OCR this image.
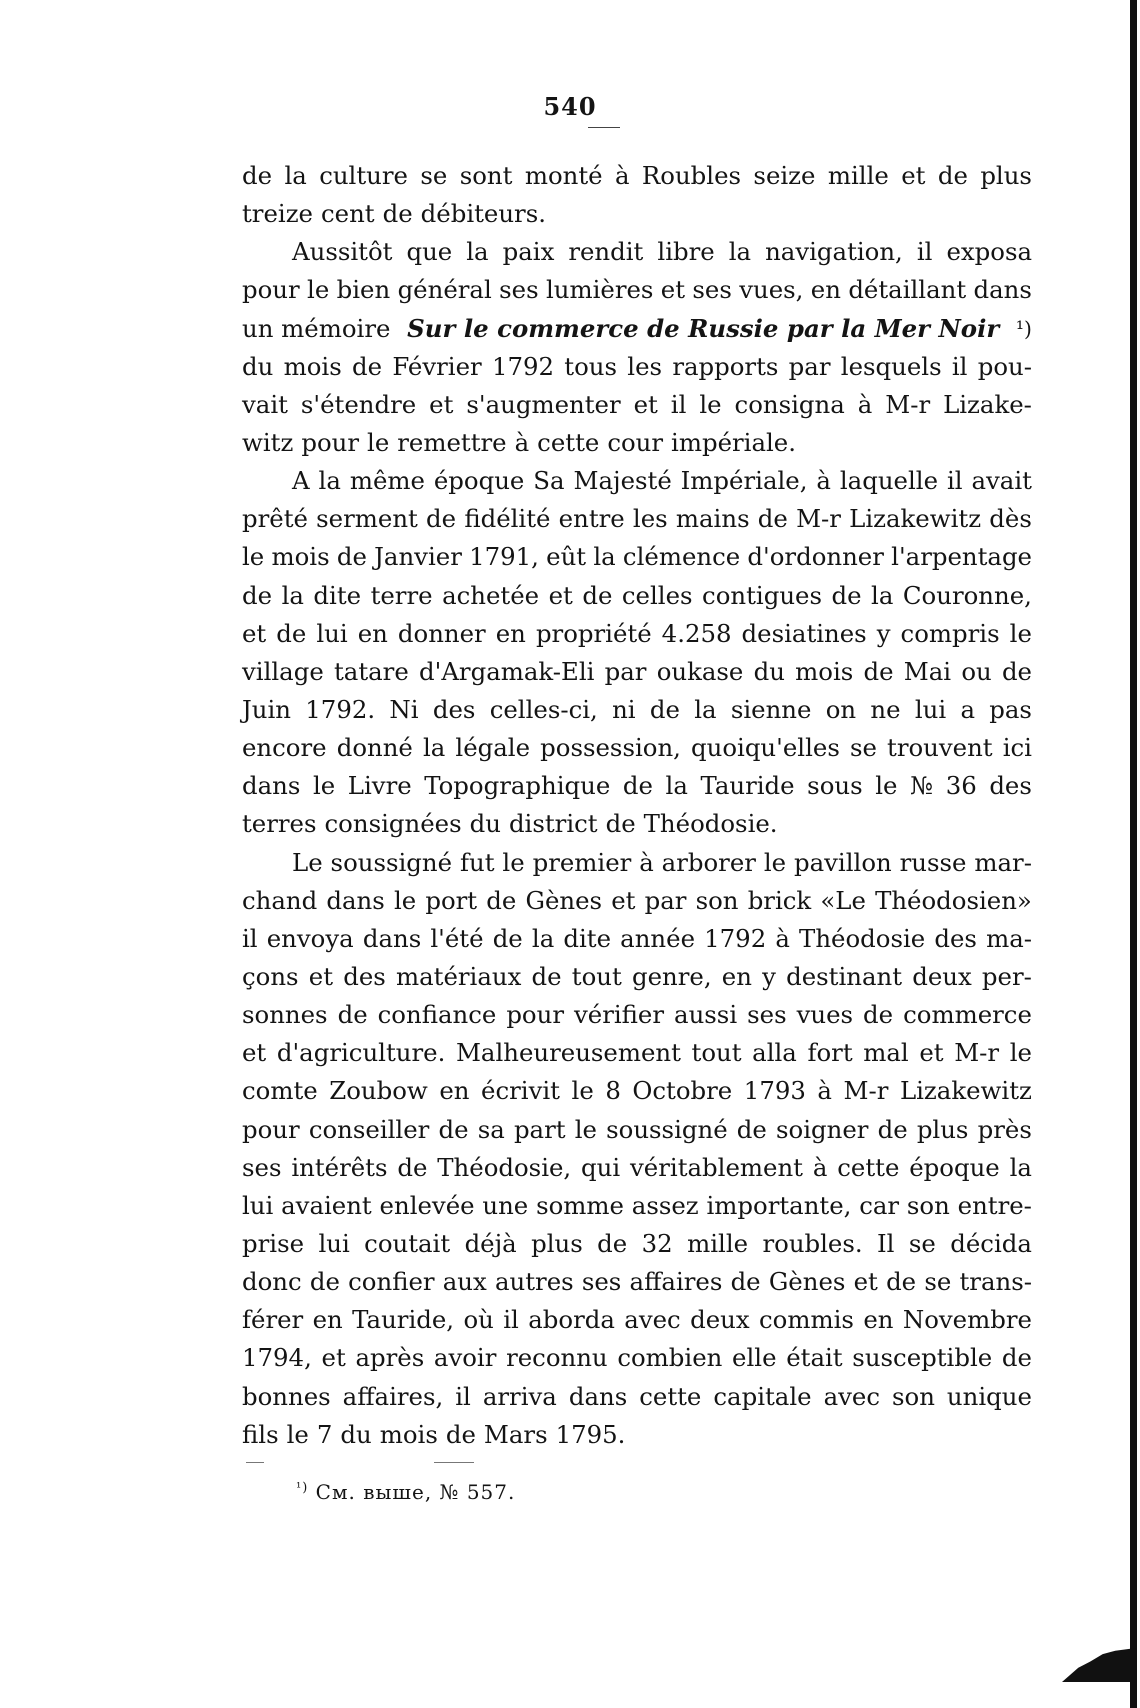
540
de la culture se sont monté à Roubles seize mille et de plus
treize cent de débiteurs.
Aussitôt que la paix rendit libre la navigation, il exposa
pour le bien général ses lumières et ses vues, en détaillant dans
un mémoire Sur le commerce de Russie par la Mer Noir ¹)
du mois de Février 1792 tous les rapports par lesquels il pou-
vait s'étendre et s'augmenter et il le consigna à M-r Lizake-
witz pour le remettre à cette cour impériale.
A la même époque Sa Majesté Impériale, à laquelle il avait
prêté serment de fidélité entre les mains de M-r Lizakewitz dès
le mois de Janvier 1791, eût la clémence d'ordonner l'arpentage
de la dite terre achetée et de celles contigues de la Couronne,
et de lui en donner en propriété 4.258 desiatines y compris le
village tatare d'Argamak-Eli par oukase du mois de Mai ou de
Juin 1792. Ni des celles-ci, ni de la sienne on ne lui a pas
encore donné la légale possession, quoiqu'elles se trouvent ici
dans le Livre Topographique de la Tauride sous le № 36 des
terres consignées du district de Théodosie.
Le soussigné fut le premier à arborer le pavillon russe mar-
chand dans le port de Gènes et par son brick «Le Théodosien»
il envoya dans l'été de la dite année 1792 à Théodosie des ma-
çons et des matériaux de tout genre, en y destinant deux per-
sonnes de confiance pour vérifier aussi ses vues de commerce
et d'agriculture. Malheureusement tout alla fort mal et M-r le
comte Zoubow en écrivit le 8 Octobre 1793 à M-r Lizakewitz
pour conseiller de sa part le soussigné de soigner de plus près
ses intérêts de Théodosie, qui véritablement à cette époque la
lui avaient enlevée une somme assez importante, car son entre-
prise lui coutait déjà plus de 32 mille roubles. Il se décida
donc de confier aux autres ses affaires de Gènes et de se trans-
férer en Tauride, où il aborda avec deux commis en Novembre
1794, et après avoir reconnu combien elle était susceptible de
bonnes affaires, il arriva dans cette capitale avec son unique
fils le 7 du mois de Mars 1795.
$^{^1)}$ См. выше, № 557.
